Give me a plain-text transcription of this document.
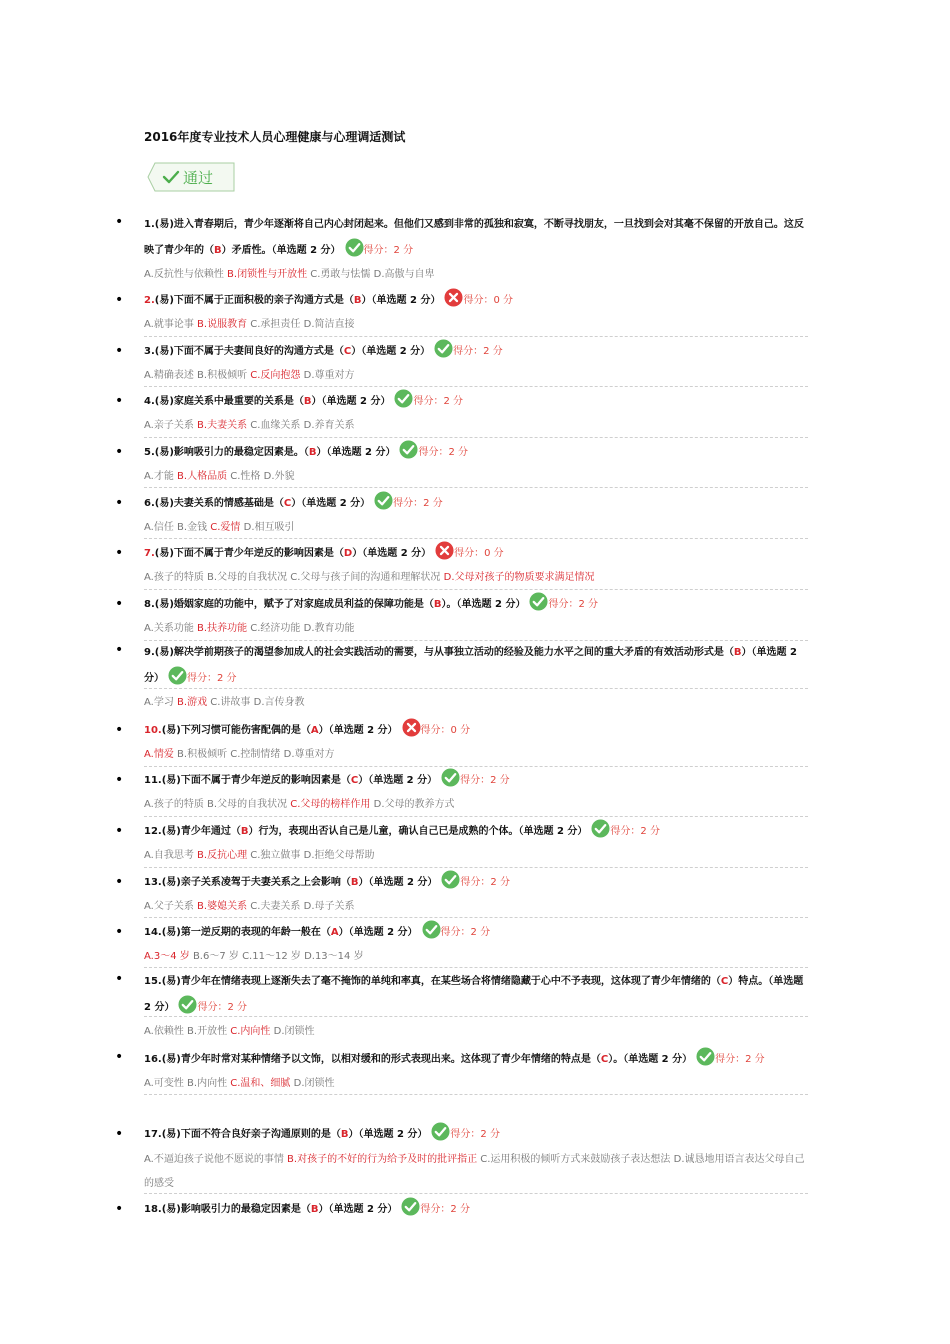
2016年度专业技术人员心理健康与心理调适测试
通过
• 1.(易)进入青春期后，青少年逐渐将自己内心封闭起来。但他们又感到非常的孤独和寂寞，不断寻找朋友，一旦找到会对其毫不保留的开放自己。这反映了青少年的（B）矛盾性。（单选题 2 分） 得分：2 分
A.反抗性与依赖性 B.闭锁性与开放性 C.勇敢与怯懦 D.高傲与自卑
• 2.(易)下面不属于正面积极的亲子沟通方式是（B）（单选题 2 分） 得分：0 分
A.就事论事 B.说服教育 C.承担责任 D.简洁直接
• 3.(易)下面不属于夫妻间良好的沟通方式是（C）（单选题 2 分） 得分：2 分
A.精确表述 B.积极倾听 C.反向抱怨 D.尊重对方
• 4.(易)家庭关系中最重要的关系是（B）（单选题 2 分） 得分：2 分
A.亲子关系 B.夫妻关系 C.血缘关系 D.养育关系
• 5.(易)影响吸引力的最稳定因素是。（B）（单选题 2 分） 得分：2 分
A.才能 B.人格品质 C.性格 D.外貌
• 6.(易)夫妻关系的情感基础是（C）（单选题 2 分） 得分：2 分
A.信任 B.金钱 C.爱情 D.相互吸引
• 7.(易)下面不属于青少年逆反的影响因素是（D）（单选题 2 分） 得分：0 分
A.孩子的特质 B.父母的自我状况 C.父母与孩子间的沟通和理解状况 D.父母对孩子的物质要求满足情况
• 8.(易)婚姻家庭的功能中，赋予了对家庭成员利益的保障功能是（B）。（单选题 2 分） 得分：2 分
A.关系功能 B.扶养功能 C.经济功能 D.教育功能
• 9.(易)解决学前期孩子的渴望参加成人的社会实践活动的需要，与从事独立活动的经验及能力水平之间的重大矛盾的有效活动形式是（B）（单选题 2 分） 得分：2 分
A.学习 B.游戏 C.讲故事 D.言传身教
• 10.(易)下列习惯可能伤害配偶的是（A）（单选题 2 分） 得分：0 分
A.情爱 B.积极倾听 C.控制情绪 D.尊重对方
• 11.(易)下面不属于青少年逆反的影响因素是（C）（单选题 2 分） 得分：2 分
A.孩子的特质 B.父母的自我状况 C.父母的榜样作用 D.父母的教养方式
• 12.(易)青少年通过（B）行为，表现出否认自己是儿童，确认自己已是成熟的个体。（单选题 2 分） 得分：2 分
A.自我思考 B.反抗心理 C.独立做事 D.拒绝父母帮助
• 13.(易)亲子关系凌驾于夫妻关系之上会影响（B）（单选题 2 分） 得分：2 分
A.父子关系 B.婆媳关系 C.夫妻关系 D.母子关系
• 14.(易)第一逆反期的表现的年龄一般在（A）（单选题 2 分） 得分：2 分
A.3～4 岁 B.6～7 岁 C.11～12 岁 D.13～14 岁
• 15.(易)青少年在情绪表现上逐渐失去了毫不掩饰的单纯和率真，在某些场合将情绪隐藏于心中不予表现，这体现了青少年情绪的（C）特点。（单选题 2 分） 得分：2 分
A.依赖性 B.开放性 C.内向性 D.闭锁性
• 16.(易)青少年时常对某种情绪予以文饰，以相对缓和的形式表现出来。这体现了青少年情绪的特点是（C）。（单选题 2 分） 得分：2 分
A.可变性 B.内向性 C.温和、细腻 D.闭锁性
• 17.(易)下面不符合良好亲子沟通原则的是（B）（单选题 2 分） 得分：2 分
A.不逼迫孩子说他不愿说的事情 B.对孩子的不好的行为给予及时的批评指正 C.运用积极的倾听方式来鼓励孩子表达想法 D.诚恳地用语言表达父母自己的感受
• 18.(易)影响吸引力的最稳定因素是（B）（单选题 2 分） 得分：2 分
